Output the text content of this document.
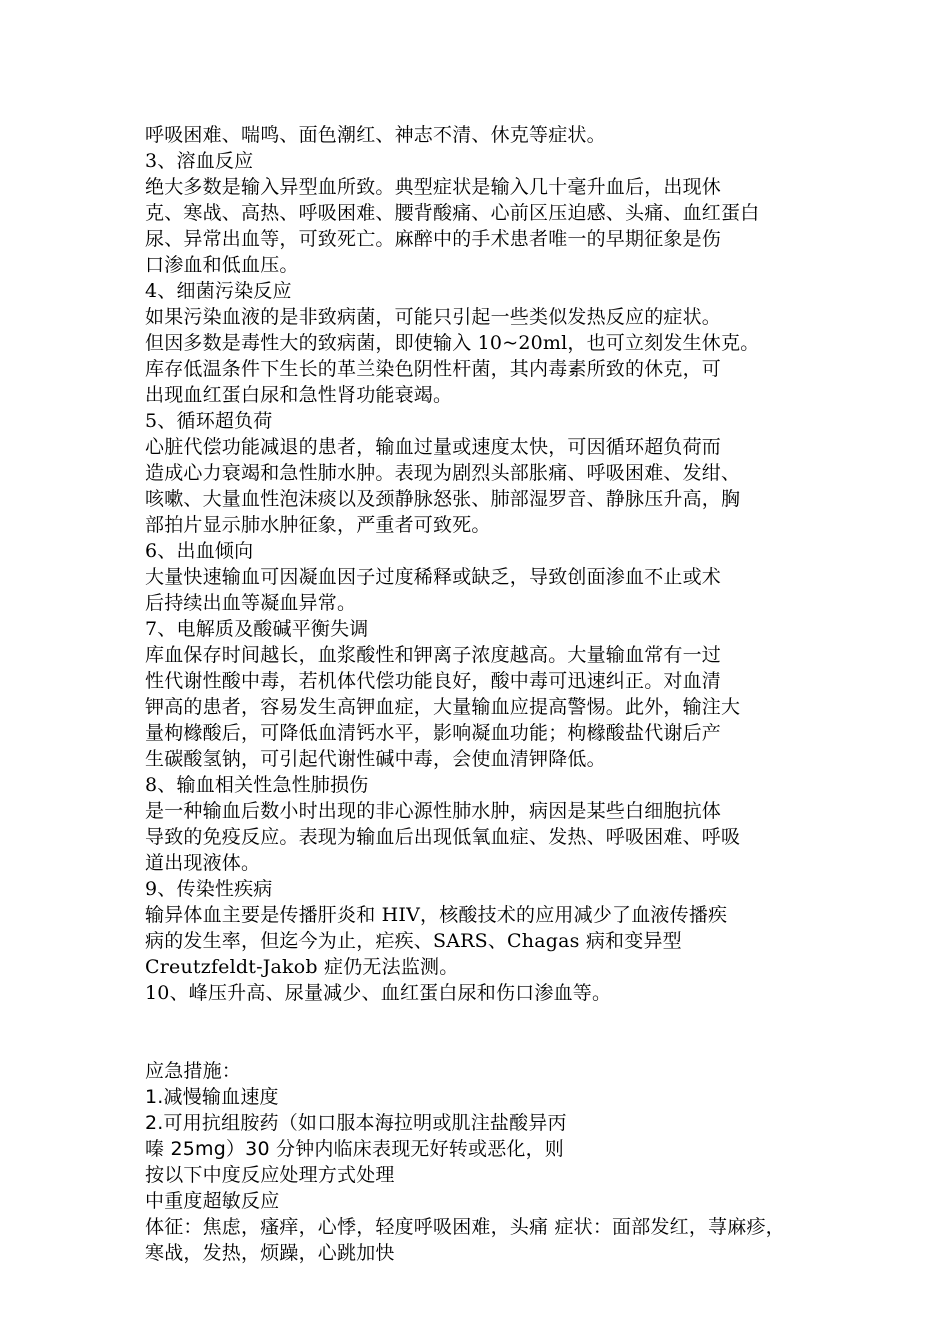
呼吸困难、喘鸣、面色潮红、神志不清、休克等症状。

3、溶血反应

绝大多数是输入异型血所致。典型症状是输入几十毫升血后，出现休

克、寒战、高热、呼吸困难、腰背酸痛、心前区压迫感、头痛、血红蛋白

尿、异常出血等，可致死亡。麻醉中的手术患者唯一的早期征象是伤

口渗血和低血压。

4、细菌污染反应

如果污染血液的是非致病菌，可能只引起一些类似发热反应的症状。

但因多数是毒性大的致病菌，即使输入 10~20ml，也可立刻发生休克。

库存低温条件下生长的革兰染色阴性杆菌，其内毒素所致的休克，可

出现血红蛋白尿和急性肾功能衰竭。

5、循环超负荷

心脏代偿功能减退的患者，输血过量或速度太快，可因循环超负荷而

造成心力衰竭和急性肺水肿。表现为剧烈头部胀痛、呼吸困难、发绀、

咳嗽、大量血性泡沫痰以及颈静脉怒张、肺部湿罗音、静脉压升高，胸

部拍片显示肺水肿征象，严重者可致死。

6、出血倾向

大量快速输血可因凝血因子过度稀释或缺乏，导致创面渗血不止或术

后持续出血等凝血异常。

7、电解质及酸碱平衡失调

库血保存时间越长，血浆酸性和钾离子浓度越高。大量输血常有一过

性代谢性酸中毒，若机体代偿功能良好，酸中毒可迅速纠正。对血清

钾高的患者，容易发生高钾血症，大量输血应提高警惕。此外，输注大

量枸橼酸后，可降低血清钙水平，影响凝血功能；枸橼酸盐代谢后产

生碳酸氢钠，可引起代谢性碱中毒，会使血清钾降低。

8、输血相关性急性肺损伤

是一种输血后数小时出现的非心源性肺水肿，病因是某些白细胞抗体

导致的免疫反应。表现为输血后出现低氧血症、发热、呼吸困难、呼吸

道出现液体。

9、传染性疾病

输异体血主要是传播肝炎和 HIV，核酸技术的应用减少了血液传播疾

病的发生率，但迄今为止，疟疾、SARS、Chagas 病和变异型

Creutzfeldt-Jakob 症仍无法监测。

10、峰压升高、尿量减少、血红蛋白尿和伤口渗血等。

应急措施：

1.减慢输血速度

2.可用抗组胺药（如口服本海拉明或肌注盐酸异丙

嗪 25mg）30 分钟内临床表现无好转或恶化，则

按以下中度反应处理方式处理

中重度超敏反应

体征：焦虑，瘙痒，心悸，轻度呼吸困难，头痛 症状：面部发红，荨麻疹，

寒战，发热，烦躁，心跳加快
